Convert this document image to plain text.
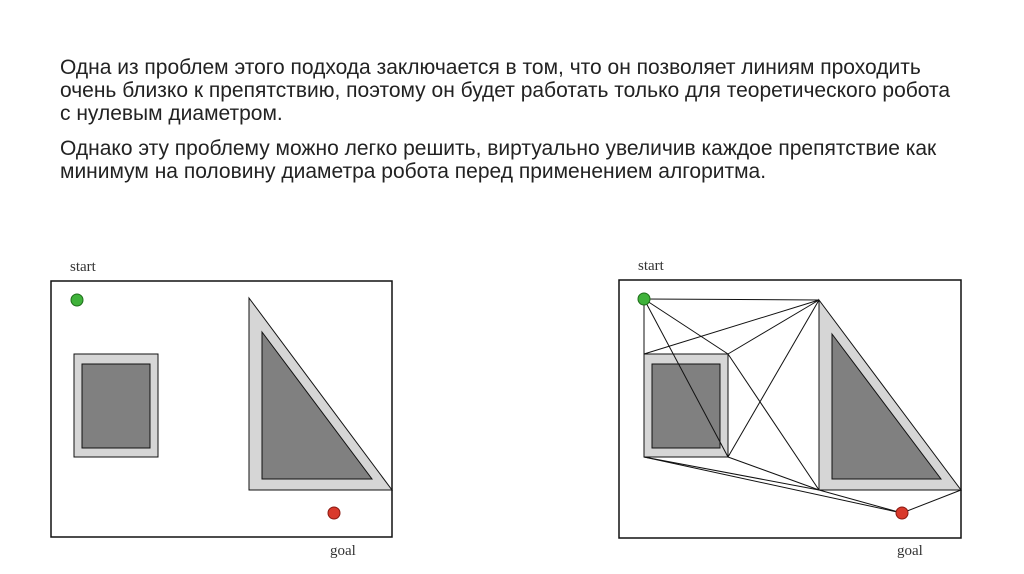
Одна из проблем этого подхода заключается в том, что он позволяет линиям проходить очень близко к препятствию, поэтому он будет работать только для теоретического робота с нулевым диаметром.

Однако эту проблему можно легко решить, виртуально увеличив каждое препятствие как минимум на половину диаметра робота перед применением алгоритма.

start
goal
start
goal
